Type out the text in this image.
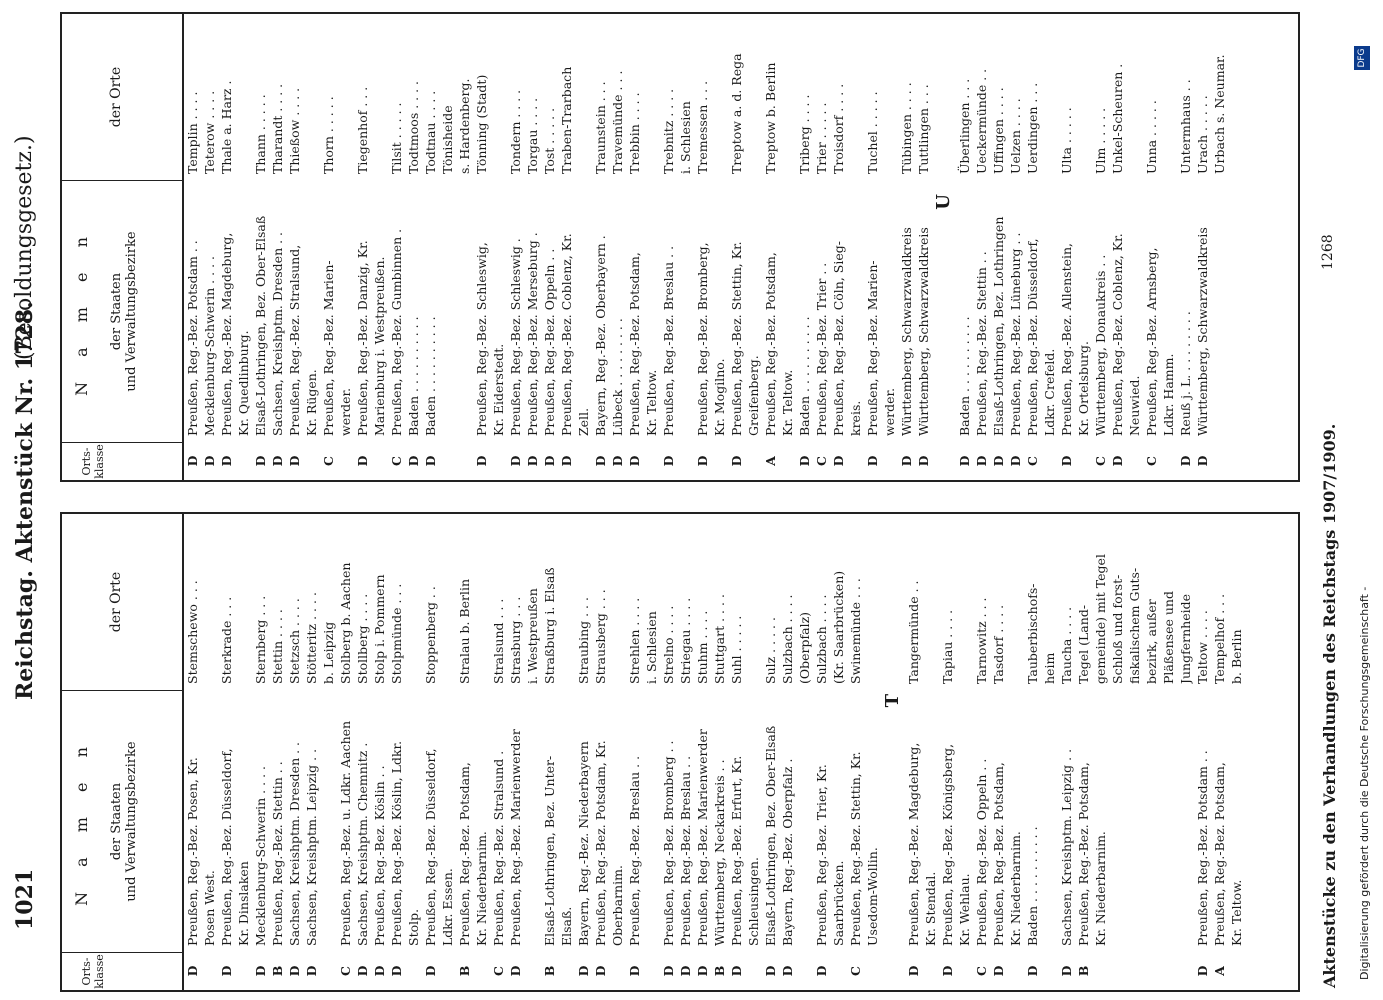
1021
Reichstag. Aktenstück Nr. 1728.
(Besoldungsgesetz.)
Orts- klasse
N a m e n der Staaten und Verwaltungsbezirke
der Orte
D
Preußen, Reg.-Bez. Posen, Kr.
Stemschewo . . .
Posen West.
D
Preußen, Reg.-Bez. Düsseldorf,
Sterkrade . . .
Kr. Dinslaken
D
Mecklenburg-Schwerin . . . .
Sternberg . . .
B
Preußen, Reg.-Bez. Stettin . .
Stettin . . . .
D
Sachsen, Kreishptm. Dresden . .
Stetzsch . . . .
D
Sachsen, Kreishptm. Leipzig . .
Stötteritz . . . . b. Leipzig
C
Preußen, Reg.-Bez. u. Ldkr. Aachen
Stolberg b. Aachen
D
Sachsen, Kreishptm. Chemnitz .
Stollberg . . . .
D
Preußen, Reg.-Bez. Köslin . .
Stolp i. Pommern
D
Preußen, Reg.-Bez. Köslin, Ldkr.
Stolpmünde . . .
Stolp.
D
Preußen, Reg.-Bez. Düsseldorf,
Stoppenberg . .
Ldkr. Essen.
B
Preußen, Reg.-Bez. Potsdam,
Stralau b. Berlin
Kr. Niederbarnim.
C
Preußen, Reg.-Bez. Stralsund .
Stralsund . . .
D
Preußen, Reg.-Bez. Marienwerder
Strasburg . . . i. Westpreußen
B
Elsaß-Lothringen, Bez. Unter-
Straßburg i. Elsaß
Elsaß.
D
Bayern, Reg.-Bez. Niederbayern
Straubing . . .
D
Preußen, Reg.-Bez. Potsdam, Kr.
Strausberg . . .
Oberbarnim.
D
Preußen, Reg.-Bez. Breslau . .
Strehlen . . . . i. Schlesien
D
Preußen, Reg.-Bez. Bromberg . .
Strelno . . . .
D
Preußen, Reg.-Bez. Breslau . .
Striegau . . . .
D
Preußen, Reg.-Bez. Marienwerder
Stuhm . . . .
B
Württemberg, Neckarkreis . .
Stuttgart . . . .
D
Preußen, Reg.-Bez. Erfurt, Kr.
Suhl . . . . .
Schleusingen.
D
Elsaß-Lothringen, Bez. Ober-Elsaß
Sulz . . . . .
D
Bayern, Reg.-Bez. Oberpfalz .
Sulzbach . . . . (Oberpfalz)
D
Preußen, Reg.-Bez. Trier, Kr.
Sulzbach . . . .
Saarbrücken.
(Kr. Saarbrücken)
C
Preußen, Reg.-Bez. Stettin, Kr.
Swinemünde . . .
Usedom-Wollin.
T
D
Preußen, Reg.-Bez. Magdeburg,
Tangermünde . .
Kr. Stendal.
D
Preußen, Reg.-Bez. Königsberg,
Tapiau . . . .
Kr. Wehlau.
C
Preußen, Reg.-Bez. Oppeln . .
Tarnowitz . . .
D
Preußen, Reg.-Bez. Potsdam,
Tasdorf . . . .
Kr. Niederbarnim.
D
Baden . . . . . . . . . .
Tauberbischofs- heim
D
Sachsen, Kreishptm. Leipzig . .
Taucha . . . .
B
Preußen, Reg.-Bez. Potsdam,
Tegel (Land-
Kr. Niederbarnim.
gemeinde) mit Tegel Schloß und forst- fiskalischem Guts- bezirk, außer Pläßensee und Jungfernheide
D
Preußen, Reg.-Bez. Potsdam . .
Teltow . . . .
A
Preußen, Reg.-Bez. Potsdam,
Tempelhof . . .
Kr. Teltow.
b. Berlin
Orts- klasse
N a m e n der Staaten und Verwaltungsbezirke
der Orte
D
Preußen, Reg.-Bez. Potsdam . .
Templin . . . .
D
Mecklenburg-Schwerin . . . .
Teterow . . . .
D
Preußen, Reg.-Bez. Magdeburg,
Thale a. Harz .
Kr. Quedlinburg.
D
Elsaß-Lothringen, Bez. Ober-Elsaß
Thann . . . . .
D
Sachsen, Kreishptm. Dresden . .
Tharandt . . . .
D
Preußen, Reg.-Bez. Stralsund,
Thießow . . . .
Kr. Rügen.
C
Preußen, Reg.-Bez. Marien-
Thorn . . . . .
werder.
D
Preußen, Reg.-Bez. Danzig, Kr.
Tiegenhof . . .
Marienburg i. Westpreußen.
C
Preußen, Reg.-Bez. Gumbinnen .
Tilsit . . . . .
D
Baden . . . . . . . . . .
Todtmoos . . . .
D
Baden . . . . . . . . . .
Todtnau . . . . Tönisheide s. Hardenberg.
D
Preußen, Reg.-Bez. Schleswig,
Tönning (Stadt)
Kr. Eiderstedt.
D
Preußen, Reg.-Bez. Schleswig .
Tondern . . . .
D
Preußen, Reg.-Bez. Merseburg .
Torgau . . . .
D
Preußen, Reg.-Bez. Oppeln . .
Tost . . . . .
D
Preußen, Reg.-Bez. Coblenz, Kr.
Traben-Trarbach
Zell.
D
Bayern, Reg.-Bez. Oberbayern .
Traunstein . . .
D
Lübeck . . . . . . . . .
Travemünde . . .
D
Preußen, Reg.-Bez. Potsdam,
Trebbin . . . .
Kr. Teltow.
D
Preußen, Reg.-Bez. Breslau . .
Trebnitz . . . . i. Schlesien
D
Preußen, Reg.-Bez. Bromberg,
Tremessen . . .
Kr. Mogilno.
D
Preußen, Reg.-Bez. Stettin, Kr.
Treptow a. d. Rega
Greifenberg.
A
Preußen, Reg.-Bez. Potsdam,
Treptow b. Berlin
Kr. Teltow.
D
Baden . . . . . . . . . .
Triberg . . . .
C
Preußen, Reg.-Bez. Trier . .
Trier . . . . .
D
Preußen, Reg.-Bez. Cöln, Sieg-
Troisdorf . . . .
kreis.
D
Preußen, Reg.-Bez. Marien-
Tuchel . . . . .
werder.
D
Württemberg, Schwarzwaldkreis
Tübingen . . . .
D
Württemberg, Schwarzwaldkreis
Tuttlingen . . .
U
D
Baden . . . . . . . . . .
Überlingen . . .
D
Preußen, Reg.-Bez. Stettin . .
Ueckermünde . .
D
Elsaß-Lothringen, Bez. Lothringen
Uffingen . . . .
D
Preußen, Reg.-Bez. Lüneburg . .
Uelzen . . . .
C
Preußen, Reg.-Bez. Düsseldorf,
Uerdingen . . .
Ldkr. Crefeld.
D
Preußen, Reg.-Bez. Allenstein,
Ulta . . . . .
Kr. Ortelsburg.
C
Württemberg, Donaukreis . .
Ulm . . . . .
D
Preußen, Reg.-Bez. Coblenz, Kr.
Unkel-Scheuren .
Neuwied.
C
Preußen, Reg.-Bez. Arnsberg,
Unna . . . . .
Ldkr. Hamm.
D
Reuß j. L. . . . . . . . .
Untermhaus . .
D
Württemberg, Schwarzwaldkreis
Urach . . . . . Urbach s. Neumar.
Aktenstücke zu den Verhandlungen des Reichstags 1907/1909.
1268
Digitalisierung gefördert durch die Deutsche Forschungsgemeinschaft -
DFG
